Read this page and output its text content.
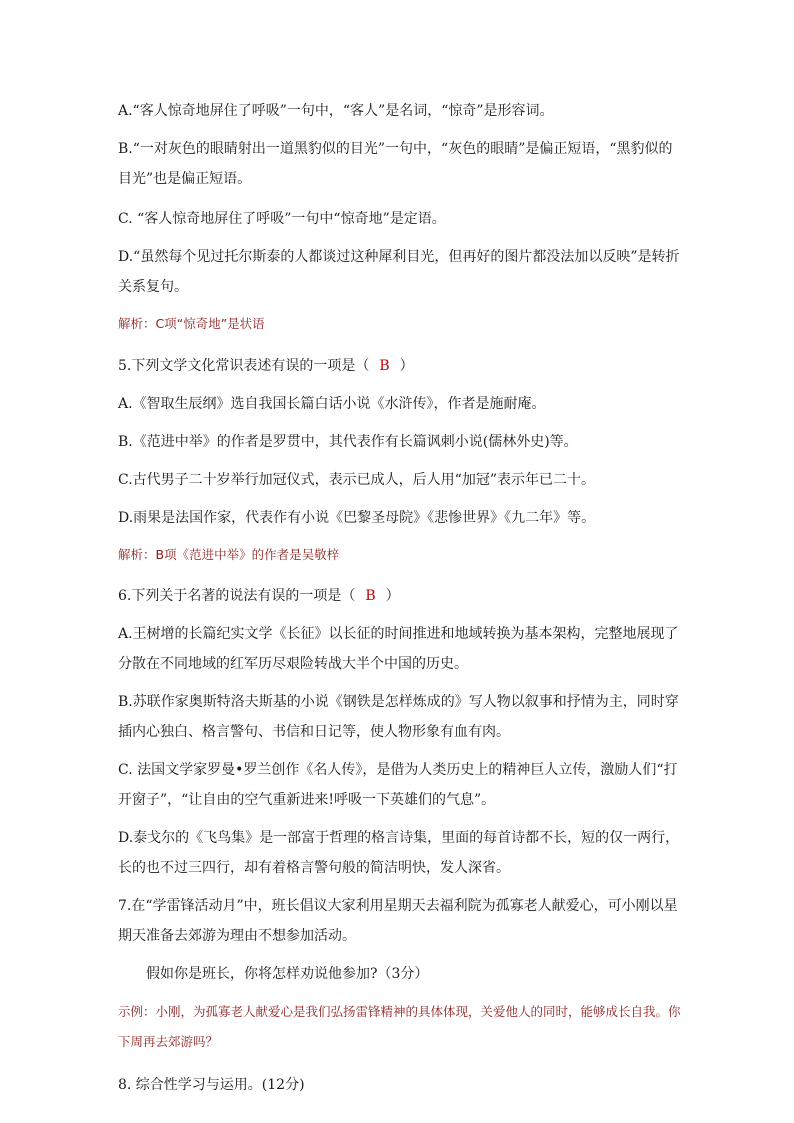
A.“客人惊奇地屏住了呼吸”一句中，“客人”是名词，“惊奇”是形容词。

B.“一对灰色的眼睛射出一道黑豹似的目光”一句中，“灰色的眼睛”是偏正短语，“黑豹似的目光”也是偏正短语。

C. “客人惊奇地屏住了呼吸”一句中“惊奇地”是定语。

D.“虽然每个见过托尔斯泰的人都谈过这种犀利目光，但再好的图片都没法加以反映”是转折关系复句。

解析：C项“惊奇地”是状语

5.下列文学文化常识表述有误的一项是（ B ）

A.《智取生辰纲》选自我国长篇白话小说《水浒传》，作者是施耐庵。

B.《范进中举》的作者是罗贯中，其代表作有长篇讽刺小说(儒林外史)等。

C.古代男子二十岁举行加冠仪式，表示已成人，后人用“加冠”表示年已二十。

D.雨果是法国作家，代表作有小说《巴黎圣母院》《悲惨世界》《九二年》等。

解析：B项《范进中举》的作者是吴敬梓

6.下列关于名著的说法有误的一项是（ B ）

A.王树增的长篇纪实文学《长征》以长征的时间推进和地域转换为基本架构，完整地展现了分散在不同地域的红军历尽艰险转战大半个中国的历史。

B.苏联作家奥斯特洛夫斯基的小说《钢铁是怎样炼成的》写人物以叙事和抒情为主，同时穿插内心独白、格言警句、书信和日记等，使人物形象有血有肉。

C. 法国文学家罗曼•罗兰创作《名人传》，是借为人类历史上的精神巨人立传，激励人们“打开窗子”，“让自由的空气重新进来!呼吸一下英雄们的气息”。

D.泰戈尔的《飞鸟集》是一部富于哲理的格言诗集，里面的每首诗都不长，短的仅一两行，长的也不过三四行，却有着格言警句般的简洁明快，发人深省。

7.在“学雷锋活动月”中，班长倡议大家利用星期天去福利院为孤寡老人献爱心，可小刚以星期天准备去郊游为理由不想参加活动。

假如你是班长，你将怎样劝说他参加?（3分）

示例：小刚，为孤寡老人献爱心是我们弘扬雷锋精神的具体体现，关爱他人的同时，能够成长自我。你下周再去郊游吗？

8. 综合性学习与运用。(12分)
